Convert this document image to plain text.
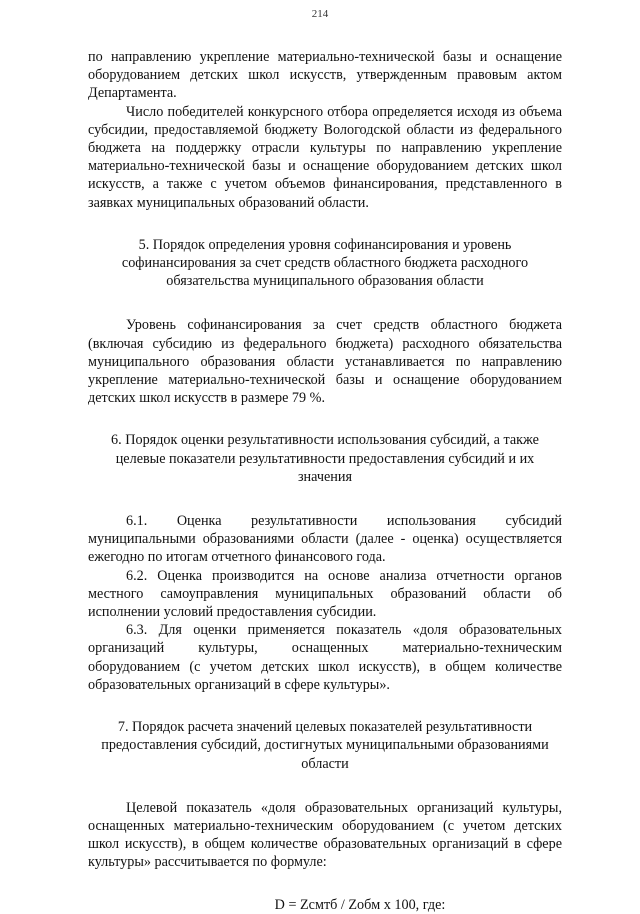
214

по направлению укрепление материально-технической базы и оснащение оборудованием детских школ искусств, утвержденным правовым актом Департамента.

Число победителей конкурсного отбора определяется исходя из объема субсидии, предоставляемой бюджету Вологодской области из федерального бюджета на поддержку отрасли культуры по направлению укрепление материально-технической базы и оснащение оборудованием детских школ искусств, а также с учетом объемов финансирования, представленного в заявках муниципальных образований области.

5. Порядок определения уровня софинансирования и уровень софинансирования за счет средств областного бюджета расходного обязательства муниципального образования области

Уровень софинансирования за счет средств областного бюджета (включая субсидию из федерального бюджета) расходного обязательства муниципального образования области устанавливается по направлению укрепление материально-технической базы и оснащение оборудованием детских школ искусств в размере 79 %.

6. Порядок оценки результативности использования субсидий, а также целевые показатели результативности предоставления субсидий и их значения

6.1. Оценка результативности использования субсидий муниципальными образованиями области (далее - оценка) осуществляется ежегодно по итогам отчетного финансового года.

6.2. Оценка производится на основе анализа отчетности органов местного самоуправления муниципальных образований области об исполнении условий предоставления субсидии.

6.3. Для оценки применяется показатель «доля образовательных организаций культуры, оснащенных материально-техническим оборудованием (с учетом детских школ искусств), в общем количестве образовательных организаций в сфере культуры».

7. Порядок расчета значений целевых показателей результативности предоставления субсидий, достигнутых муниципальными образованиями области

Целевой показатель «доля образовательных организаций культуры, оснащенных материально-техническим оборудованием (с учетом детских школ искусств), в общем количестве образовательных организаций в сфере культуры» рассчитывается по формуле:

D = Zсмтб / Zобм х 100, где:
